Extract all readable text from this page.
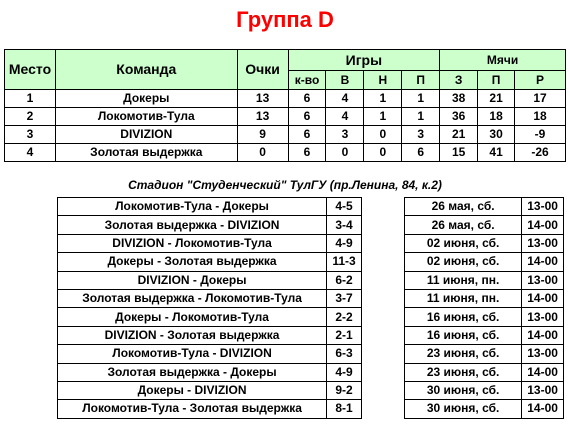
Группа D
Место	Команда	Очки	Игры				Мячи		
			к-во	В	Н	П	З	П	Р
1	Докеры	13	6	4	1	1	38	21	17
2	Локомотив-Тула	13	6	4	1	1	36	18	18
3	DIVIZION	9	6	3	0	3	21	30	-9
4	Золотая выдержка	0	6	0	0	6	15	41	-26
Стадион "Студенческий" ТулГУ (пр.Ленина, 84, к.2)
Локомотив-Тула - Докеры	4-5
Золотая выдержка - DIVIZION	3-4
DIVIZION - Локомотив-Тула	4-9
Докеры - Золотая выдержка	11-3
DIVIZION - Докеры	6-2
Золотая выдержка - Локомотив-Тула	3-7
Докеры - Локомотив-Тула	2-2
DIVIZION - Золотая выдержка	2-1
Локомотив-Тула - DIVIZION	6-3
Золотая выдержка - Докеры	4-9
Докеры - DIVIZION	9-2
Локомотив-Тула - Золотая выдержка	8-1
26 мая, сб.	13-00
26 мая, сб.	14-00
02 июня, сб.	13-00
02 июня, сб.	14-00
11 июня, пн.	13-00
11 июня, пн.	14-00
16 июня, сб.	13-00
16 июня, сб.	14-00
23 июня, сб.	13-00
23 июня, сб.	14-00
30 июня, сб.	13-00
30 июня, сб.	14-00
